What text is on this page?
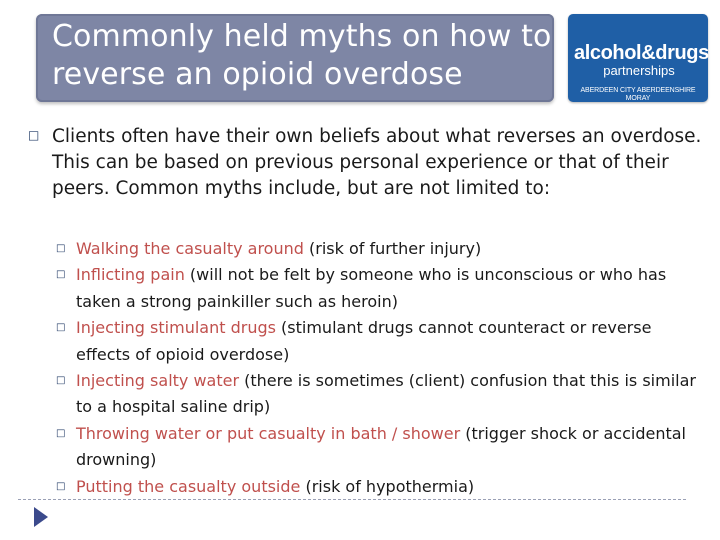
Commonly held myths on how to reverse an opioid overdose
alcohol&drugs
partnerships
ABERDEEN CITY ABERDEENSHIRE MORAY
□ Clients often have their own beliefs about what reverses an overdose. This can be based on previous personal experience or that of their peers. Common myths include, but are not limited to:
□ Walking the casualty around (risk of further injury)
□ Inflicting pain (will not be felt by someone who is unconscious or who has taken a strong painkiller such as heroin)
□ Injecting stimulant drugs (stimulant drugs cannot counteract or reverse effects of opioid overdose)
□ Injecting salty water (there is sometimes (client) confusion that this is similar to a hospital saline drip)
□ Throwing water or put casualty in bath / shower (trigger shock or accidental drowning)
□ Putting the casualty outside (risk of hypothermia)
